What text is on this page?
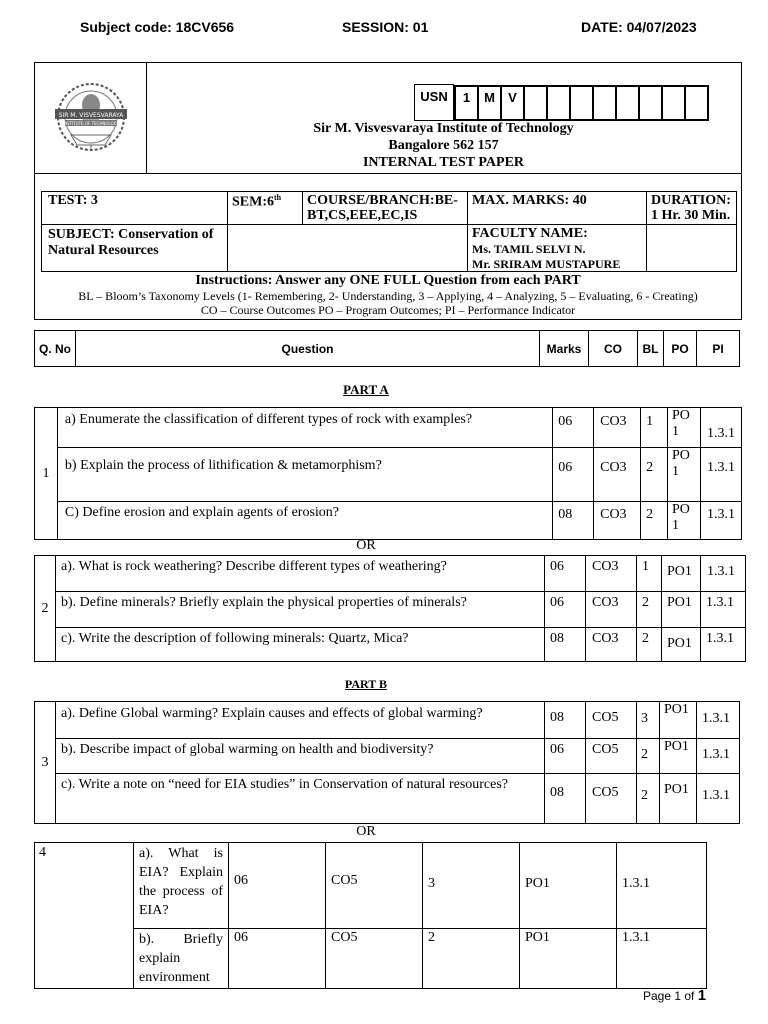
Subject code: 18CV656	SESSION: 01	DATE: 04/07/2023
SIR M. VISVESVARAYA
INSTITUTE OF TECHNOLOGY
USN	1	M	V								
Sir M. Visvesvaraya Institute of Technology
Bangalore 562 157
INTERNAL TEST PAPER
TEST: 3	SEM:6th	COURSE/BRANCH:BE-BT,CS,EEE,EC,IS	MAX. MARKS: 40	DURATION: 1 Hr. 30 Min.
SUBJECT: Conservation of Natural Resources			FACULTY NAME:
Ms. TAMIL SELVI N.
Mr. SRIRAM MUSTAPURE	

Instructions: Answer any ONE FULL Question from each PART
BL – Bloom’s Taxonomy Levels (1- Remembering, 2- Understanding, 3 – Applying, 4 – Analyzing, 5 – Evaluating, 6 - Creating)
CO – Course Outcomes PO – Program Outcomes; PI – Performance Indicator
Q. No	Question	Marks	CO	BL	PO	PI
PART A
1	a) Enumerate the classification of different types of rock with examples?	06	CO3	1	PO1	1.3.1
	b) Explain the process of lithification & metamorphism?	06	CO3	2	PO1	1.3.1
	C) Define erosion and explain agents of erosion?	08	CO3	2	PO1	1.3.1
OR
2	a). What is rock weathering? Describe different types of weathering?	06	CO3	1	PO1	1.3.1
	b). Define minerals? Briefly explain the physical properties of minerals?	06	CO3	2	PO1	1.3.1
	c). Write the description of following minerals: Quartz, Mica?	08	CO3	2	PO1	1.3.1
PART B
3	a). Define Global warming? Explain causes and effects of global warming?	08	CO5	3	PO1	1.3.1
	b). Describe impact of global warming on health and biodiversity?	06	CO5	2	PO1	1.3.1
	c). Write a note on “need for EIA studies” in Conservation of natural resources?	08	CO5	2	PO1	1.3.1
OR
4	a). What is EIA? Explain the process of EIA?	06	CO5	3	PO1	1.3.1
	b). Briefly explain environment	06	CO5	2	PO1	1.3.1
Page 1 of 1
